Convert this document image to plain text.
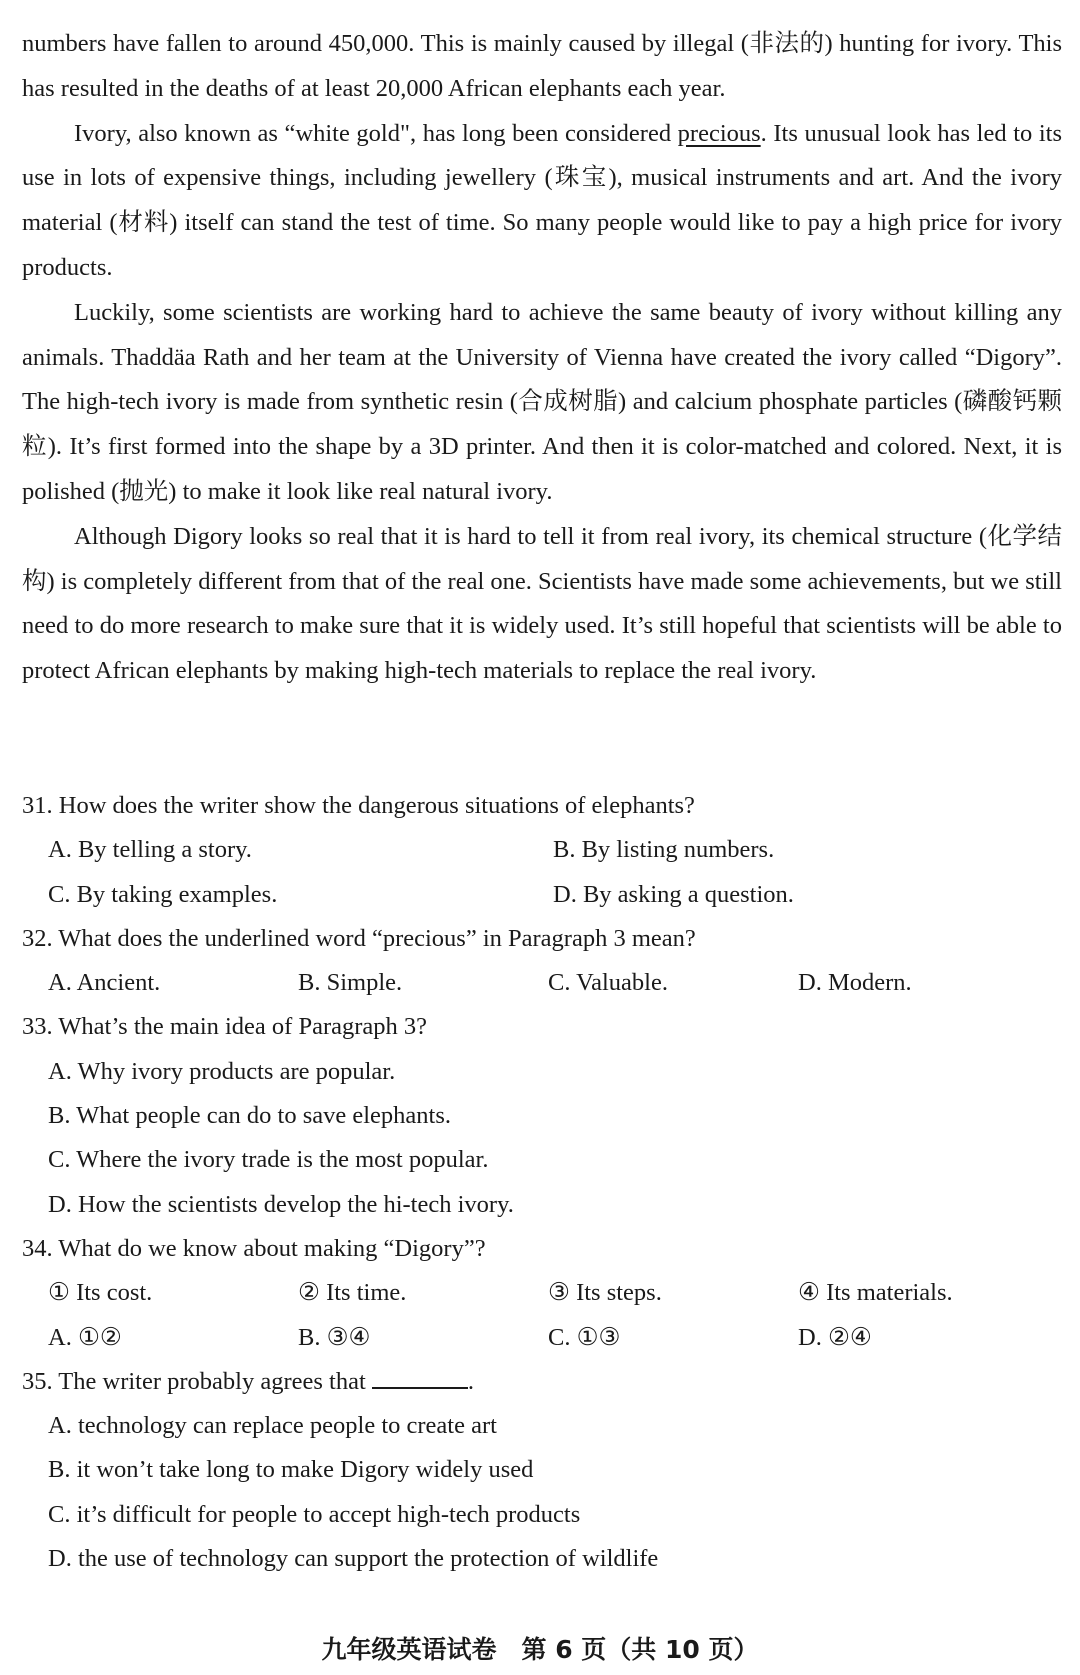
numbers have fallen to around 450,000. This is mainly caused by illegal (非法的) hunting for ivory. This has resulted in the deaths of at least 20,000 African elephants each year.

Ivory, also known as “white gold", has long been considered precious. Its unusual look has led to its use in lots of expensive things, including jewellery (珠宝), musical instruments and art. And the ivory material (材料) itself can stand the test of time. So many people would like to pay a high price for ivory products.

Luckily, some scientists are working hard to achieve the same beauty of ivory without killing any animals. Thaddäa Rath and her team at the University of Vienna have created the ivory called “Digory”. The high-tech ivory is made from synthetic resin (合成树脂) and calcium phosphate particles (磷酸钙颗粒). It’s first formed into the shape by a 3D printer. And then it is color-matched and colored. Next, it is polished (抛光) to make it look like real natural ivory.

Although Digory looks so real that it is hard to tell it from real ivory, its chemical structure (化学结构) is completely different from that of the real one. Scientists have made some achievements, but we still need to do more research to make sure that it is widely used. It’s still hopeful that scientists will be able to protect African elephants by making high-tech materials to replace the real ivory.

31. How does the writer show the dangerous situations of elephants?

A. By telling a story.	B. By listing numbers.
C. By taking examples.	D. By asking a question.

32. What does the underlined word “precious” in Paragraph 3 mean?

A. Ancient.	B. Simple.	C. Valuable.	D. Modern.

33. What’s the main idea of Paragraph 3?

A. Why ivory products are popular.

B. What people can do to save elephants.

C. Where the ivory trade is the most popular.

D. How the scientists develop the hi-tech ivory.

34. What do we know about making “Digory”?

① Its cost.	② Its time.	③ Its steps.	④ Its materials.
A. ①②	B. ③④	C. ①③	D. ②④

35. The writer probably agrees that	.

A. technology can replace people to create art

B. it won’t take long to make Digory widely used

C. it’s difficult for people to accept high-tech products

D. the use of technology can support the protection of wildlife

九年级英语试卷　第 6 页（共 10 页）
